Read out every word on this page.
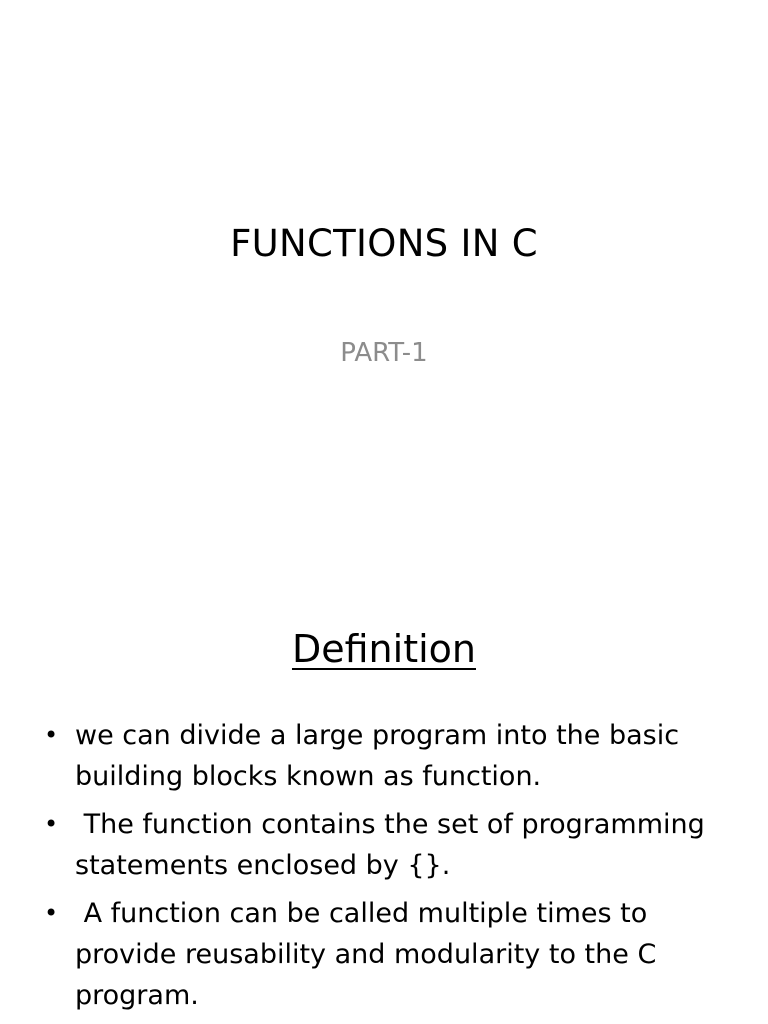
FUNCTIONS IN C
PART-1
Definition
• we can divide a large program into the basic building blocks known as function.
• The function contains the set of programming statements enclosed by {}.
• A function can be called multiple times to provide reusability and modularity to the C program.
